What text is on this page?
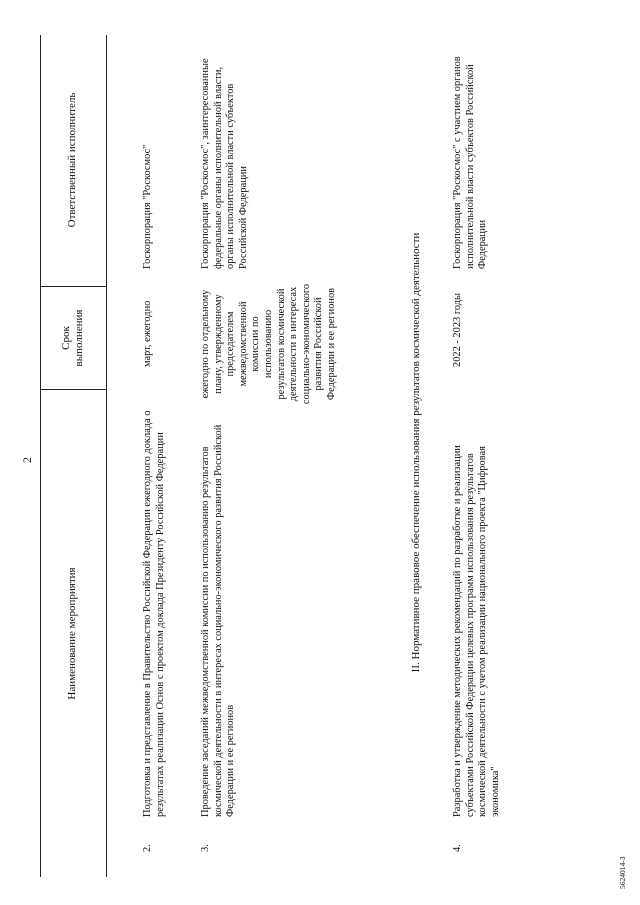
2
Наименование мероприятия
Срок
выполнения
Ответственный исполнитель
2.
Подготовка и представление в Правительство Российской Федерации ежегодного доклада о результатах реализации Основ с проектом доклада Президенту Российской Федерации
март, ежегодно
Госкорпорация "Роскосмос"
3.
Проведение заседаний межведомственной комиссии по использованию результатов космической деятельности в интересах социально-экономического развития Российской Федерации и ее регионов
ежегодно по отдельному плану, утвержденному председателем межведомственной комиссии по использованию результатов космической деятельности в интересах социально-экономического развития Российской Федерации и ее регионов
Госкорпорация "Роскосмос", заинтересованные федеральные органы исполнительной власти, органы исполнительной власти субъектов Российской Федерации
II. Нормативное правовое обеспечение использования результатов космической деятельности
4.
Разработка и утверждение методических рекомендаций по разработке и реализации субъектами Российской Федерации целевых программ использования результатов космической деятельности с учетом реализации национального проекта "Цифровая экономика"
2022 - 2023 годы
Госкорпорация "Роскосмос" с участием органов исполнительной власти субъектов Российской Федерации
5624014-3
